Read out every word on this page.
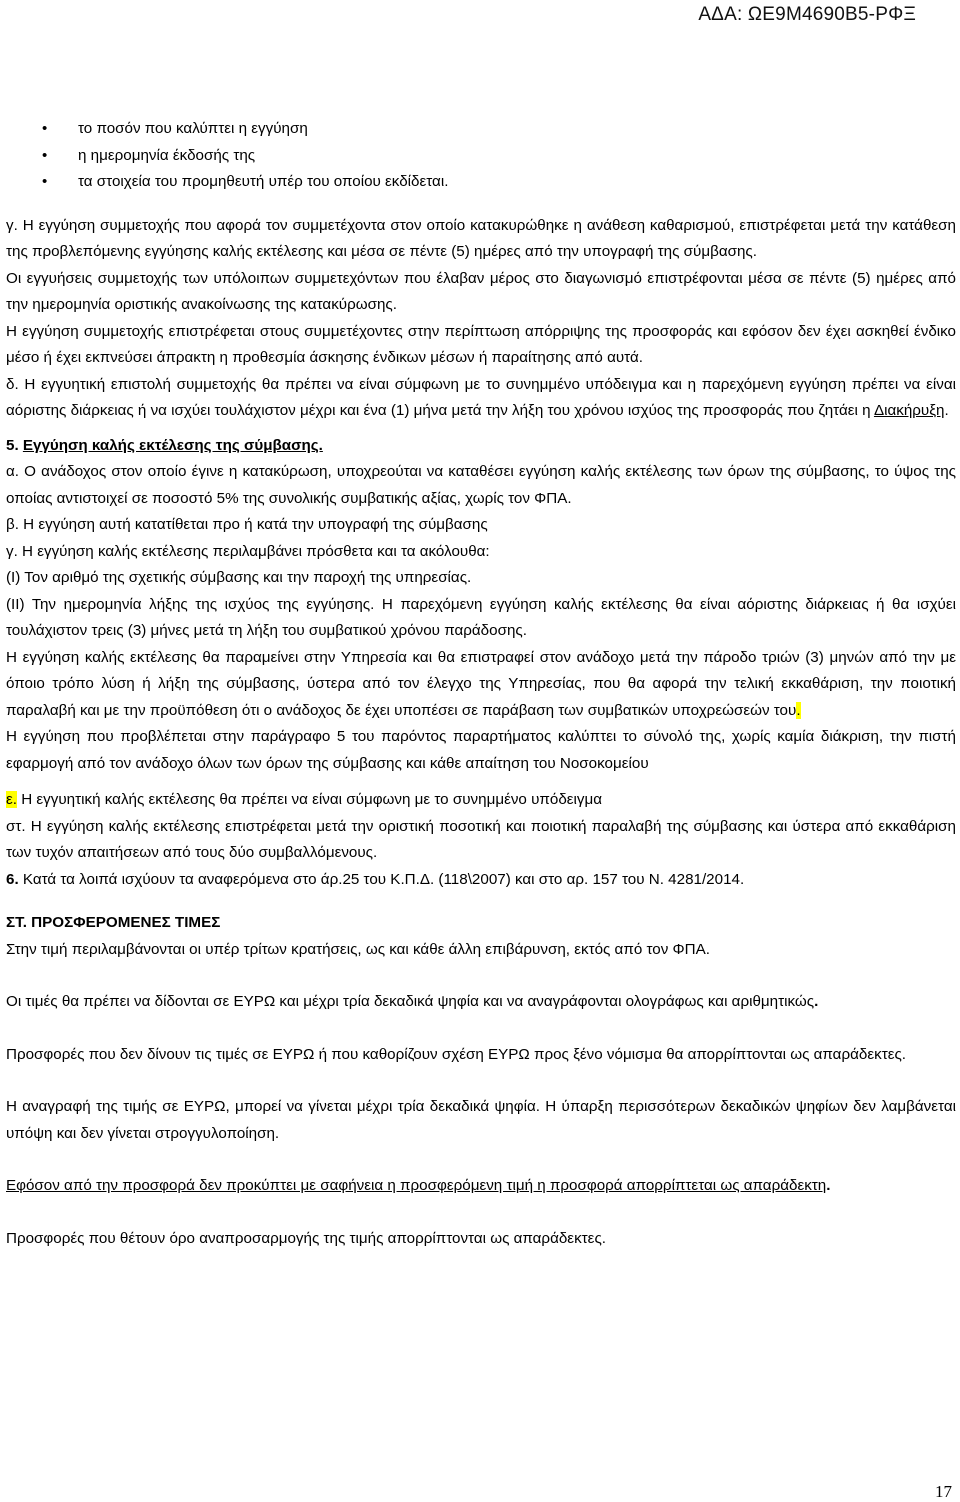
ΑΔΑ: ΩΕ9Μ4690Β5-ΡΦΞ
• το ποσόν που καλύπτει η εγγύηση
• η ημερομηνία έκδοσής της
• τα στοιχεία του προμηθευτή υπέρ του οποίου εκδίδεται.

γ. Η εγγύηση συμμετοχής που αφορά τον συμμετέχοντα στον οποίο κατακυρώθηκε η ανάθεση καθαρισμού, επιστρέφεται μετά την κατάθεση της προβλεπόμενης εγγύησης καλής εκτέλεσης και μέσα σε πέντε (5) ημέρες από την υπογραφή της σύμβασης.

Οι εγγυήσεις συμμετοχής των υπόλοιπων συμμετεχόντων που έλαβαν μέρος στο διαγωνισμό επιστρέφονται μέσα σε πέντε (5) ημέρες από την ημερομηνία οριστικής ανακοίνωσης της κατακύρωσης.

Η εγγύηση συμμετοχής επιστρέφεται στους συμμετέχοντες στην περίπτωση απόρριψης της προσφοράς και εφόσον δεν έχει ασκηθεί ένδικο μέσο ή έχει εκπνεύσει άπρακτη η προθεσμία άσκησης ένδικων μέσων ή παραίτησης από αυτά.

δ. Η εγγυητική επιστολή συμμετοχής θα πρέπει να είναι σύμφωνη με το συνημμένο υπόδειγμα και η παρεχόμενη εγγύηση πρέπει να είναι αόριστης διάρκειας ή να ισχύει τουλάχιστον μέχρι και ένα (1) μήνα μετά την λήξη του χρόνου ισχύος της προσφοράς που ζητάει η Διακήρυξη.

5. Εγγύηση καλής εκτέλεσης της σύμβασης.

α. Ο ανάδοχος στον οποίο έγινε η κατακύρωση, υποχρεούται να καταθέσει εγγύηση καλής εκτέλεσης των όρων της σύμβασης, το ύψος της οποίας αντιστοιχεί σε ποσοστό 5% της συνολικής συμβατικής αξίας, χωρίς τον ΦΠΑ.

β. Η εγγύηση αυτή κατατίθεται προ ή κατά την υπογραφή της σύμβασης

γ. Η εγγύηση καλής εκτέλεσης περιλαμβάνει πρόσθετα και τα ακόλουθα:

(Ι) Τον αριθμό της σχετικής σύμβασης και την παροχή της υπηρεσίας.

(ΙΙ) Την ημερομηνία λήξης της ισχύος της εγγύησης. Η παρεχόμενη εγγύηση καλής εκτέλεσης θα είναι αόριστης διάρκειας ή θα ισχύει τουλάχιστον τρεις (3) μήνες μετά τη λήξη του συμβατικού χρόνου παράδοσης.

Η εγγύηση καλής εκτέλεσης θα παραμείνει στην Υπηρεσία και θα επιστραφεί στον ανάδοχο μετά την πάροδο τριών (3) μηνών από την με όποιο τρόπο λύση ή λήξη της σύμβασης, ύστερα από τον έλεγχο της Υπηρεσίας, που θα αφορά την τελική εκκαθάριση, την ποιοτική παραλαβή και με την προϋπόθεση ότι ο ανάδοχος δε έχει υποπέσει σε παράβαση των συμβατικών υποχρεώσεών του.

Η εγγύηση που προβλέπεται στην παράγραφο 5 του παρόντος παραρτήματος καλύπτει το σύνολό της, χωρίς καμία διάκριση, την πιστή εφαρμογή από τον ανάδοχο όλων των όρων της σύμβασης και κάθε απαίτηση του Νοσοκομείου

ε. Η εγγυητική καλής εκτέλεσης θα πρέπει να είναι σύμφωνη με το συνημμένο υπόδειγμα

στ. Η εγγύηση καλής εκτέλεσης επιστρέφεται μετά την οριστική ποσοτική και ποιοτική παραλαβή της σύμβασης και ύστερα από εκκαθάριση των τυχόν απαιτήσεων από τους δύο συμβαλλόμενους.

6. Κατά τα λοιπά ισχύουν τα αναφερόμενα στο άρ.25 του Κ.Π.Δ. (118\2007) και στο αρ. 157 του Ν. 4281/2014.

ΣΤ. ΠΡΟΣΦΕΡΟΜΕΝΕΣ ΤΙΜΕΣ

Στην τιμή περιλαμβάνονται οι υπέρ τρίτων κρατήσεις, ως και κάθε άλλη επιβάρυνση, εκτός από τον ΦΠΑ.

Οι τιμές θα πρέπει να δίδονται σε ΕΥΡΩ και μέχρι τρία δεκαδικά ψηφία και να αναγράφονται ολογράφως και αριθμητικώς.

Προσφορές που δεν δίνουν τις τιμές σε ΕΥΡΩ ή που καθορίζουν σχέση ΕΥΡΩ προς ξένο νόμισμα θα απορρίπτονται ως απαράδεκτες.

Η αναγραφή της τιμής σε ΕΥΡΩ, μπορεί να γίνεται μέχρι τρία δεκαδικά ψηφία. Η ύπαρξη περισσότερων δεκαδικών ψηφίων δεν λαμβάνεται υπόψη και δεν γίνεται στρογγυλοποίηση.

Εφόσον από την προσφορά δεν προκύπτει με σαφήνεια η προσφερόμενη τιμή η προσφορά απορρίπτεται ως απαράδεκτη.

Προσφορές που θέτουν όρο αναπροσαρμογής της τιμής απορρίπτονται ως απαράδεκτες.

17
